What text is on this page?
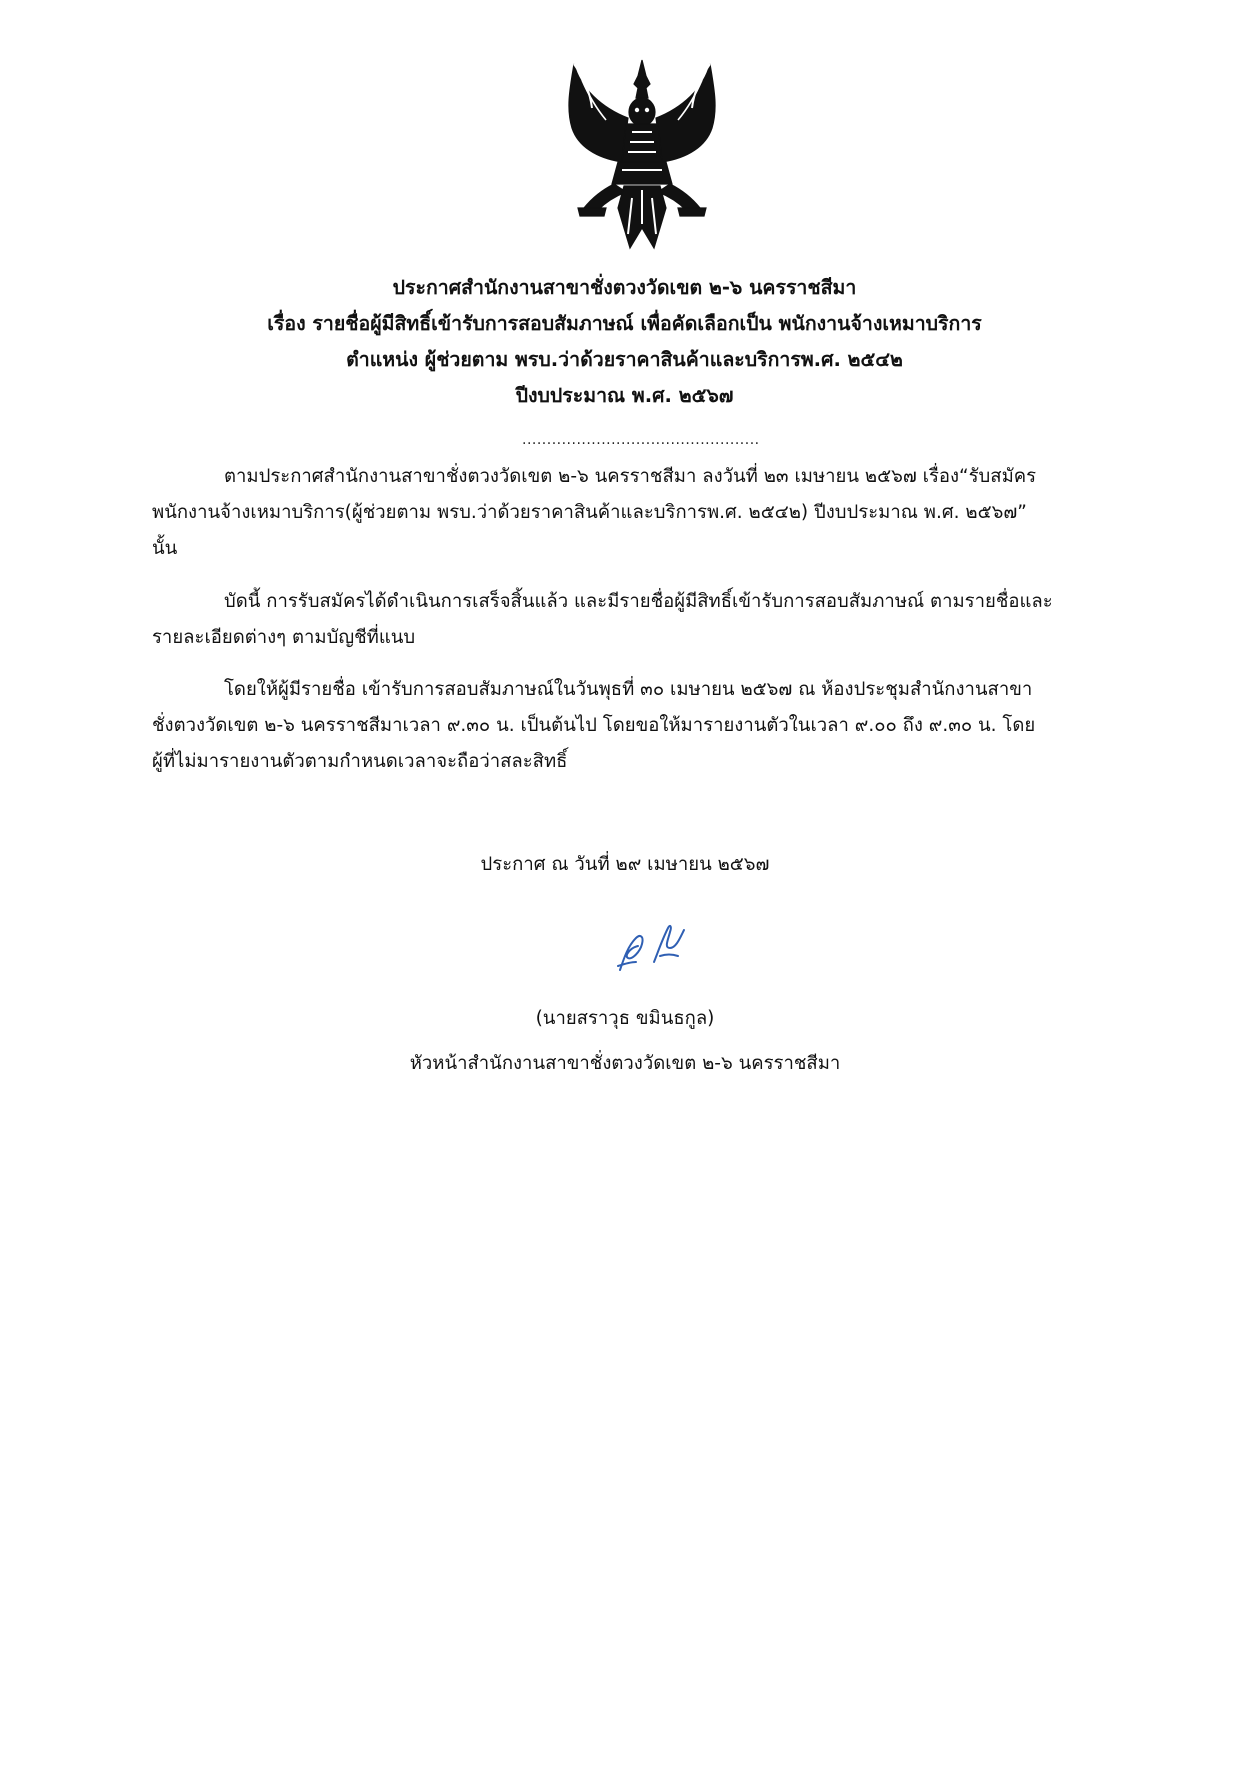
ประกาศสำนักงานสาขาชั่งตวงวัดเขต ๒-๖ นครราชสีมา
เรื่อง รายชื่อผู้มีสิทธิ์เข้ารับการสอบสัมภาษณ์ เพื่อคัดเลือกเป็น พนักงานจ้างเหมาบริการ
ตำแหน่ง ผู้ช่วยตาม พรบ.ว่าด้วยราคาสินค้าและบริการพ.ศ. ๒๕๔๒
ปีงบประมาณ พ.ศ. ๒๕๖๗
................................................
ตามประกาศสำนักงานสาขาชั่งตวงวัดเขต ๒-๖ นครราชสีมา ลงวันที่ ๒๓ เมษายน ๒๕๖๗ เรื่อง“รับสมัคร
พนักงานจ้างเหมาบริการ(ผู้ช่วยตาม พรบ.ว่าด้วยราคาสินค้าและบริการพ.ศ. ๒๕๔๒) ปีงบประมาณ พ.ศ. ๒๕๖๗”
นั้น
บัดนี้ การรับสมัครได้ดำเนินการเสร็จสิ้นแล้ว และมีรายชื่อผู้มีสิทธิ์เข้ารับการสอบสัมภาษณ์ ตามรายชื่อและ
รายละเอียดต่างๆ ตามบัญชีที่แนบ
โดยให้ผู้มีรายชื่อ เข้ารับการสอบสัมภาษณ์ในวันพุธที่ ๓๐ เมษายน ๒๕๖๗ ณ ห้องประชุมสำนักงานสาขา
ชั่งตวงวัดเขต ๒-๖ นครราชสีมาเวลา ๙.๓๐ น. เป็นต้นไป โดยขอให้มารายงานตัวในเวลา ๙.๐๐ ถึง ๙.๓๐ น. โดย
ผู้ที่ไม่มารายงานตัวตามกำหนดเวลาจะถือว่าสละสิทธิ์
ประกาศ ณ วันที่ ๒๙ เมษายน ๒๕๖๗
(นายสราวุธ ขมินธกูล)
หัวหน้าสำนักงานสาขาชั่งตวงวัดเขต ๒-๖ นครราชสีมา
